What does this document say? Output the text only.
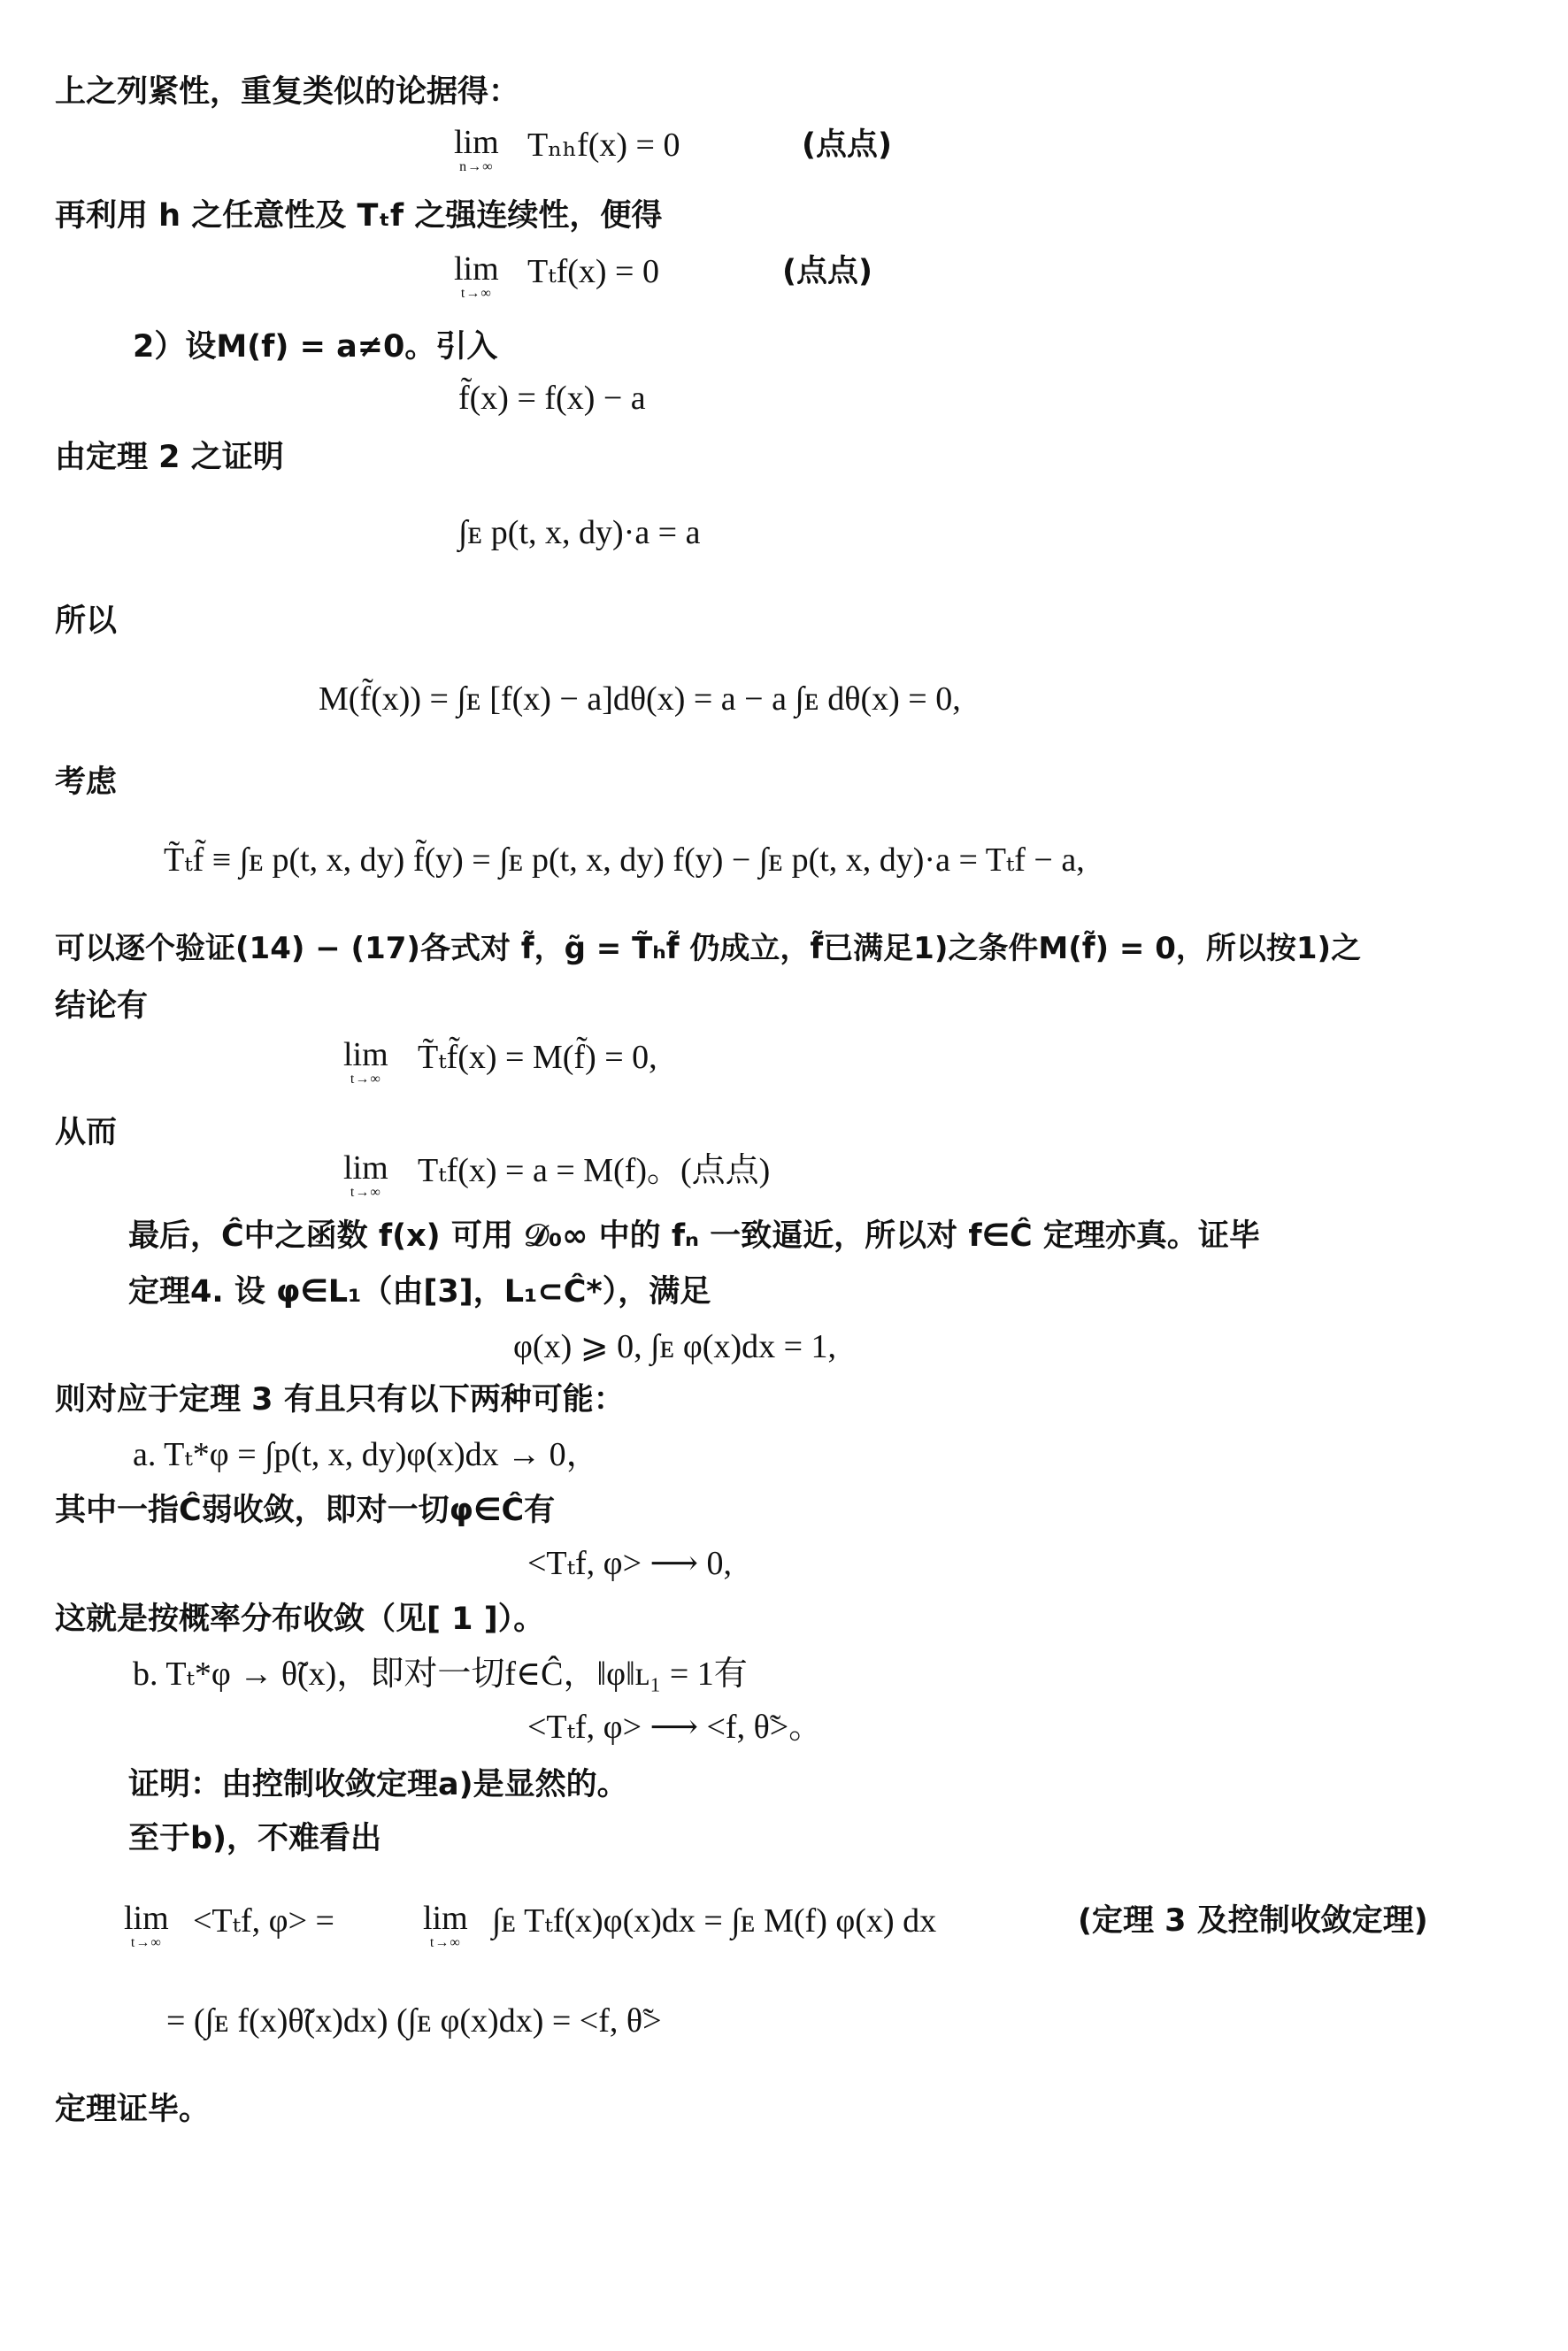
上之列紧性，重复类似的论据得：
lim
n→∞
Tₙₕf(x) = 0	(点点)
再利用 h 之任意性及 Tₜf 之强连续性，便得
lim
t→∞
Tₜf(x) = 0	(点点)
2）设M(f) = a≠0。引入
f̃(x) = f(x) − a
由定理 2 之证明
∫ᴇ p(t, x, dy)·a = a
所以
M(f̃(x)) = ∫ᴇ [f(x) − a]dθ(x) = a − a ∫ᴇ dθ(x) = 0,
考虑
T̃ₜf̃ ≡ ∫ᴇ p(t, x, dy) f̃(y) = ∫ᴇ p(t, x, dy) f(y) − ∫ᴇ p(t, x, dy)·a = Tₜf − a,
可以逐个验证(14) − (17)各式对 f̃，g̃ = T̃ₕf̃ 仍成立，f̃已满足1)之条件M(f̃) = 0，所以按1)之
结论有
lim
t→∞
T̃ₜf̃(x) = M(f̃) = 0,
从而
lim
t→∞
Tₜf(x) = a = M(f)。(点点)
最后，Ĉ中之函数 f(x) 可用 𝒟₀∞ 中的 fₙ 一致逼近，所以对 f∈Ĉ 定理亦真。证毕
定理4. 设 φ∈L₁（由[3]，L₁⊂Ĉ*），满足
φ(x) ⩾ 0, ∫ᴇ φ(x)dx = 1,
则对应于定理 3 有且只有以下两种可能：
a. Tₜ*φ = ∫p(t, x, dy)φ(x)dx → 0，
其中一指Ĉ弱收敛，即对一切φ∈Ĉ有
<Tₜf, φ> ⟶ 0,
这就是按概率分布收敛（见[ 1 ]）。
b. Tₜ*φ → θ̃(x)，即对一切f∈Ĉ，‖φ‖ʟ₁ = 1有
<Tₜf, φ> ⟶ <f, θ̃>。
证明：由控制收敛定理a)是显然的。
至于b)，不难看出
lim
t→∞
<Tₜf, φ> =	lim
t→∞
∫ᴇ Tₜf(x)φ(x)dx = ∫ᴇ M(f) φ(x) dx	(定理 3 及控制收敛定理)
= (∫ᴇ f(x)θ̃(x)dx) (∫ᴇ φ(x)dx) = <f, θ̃>
定理证毕。
